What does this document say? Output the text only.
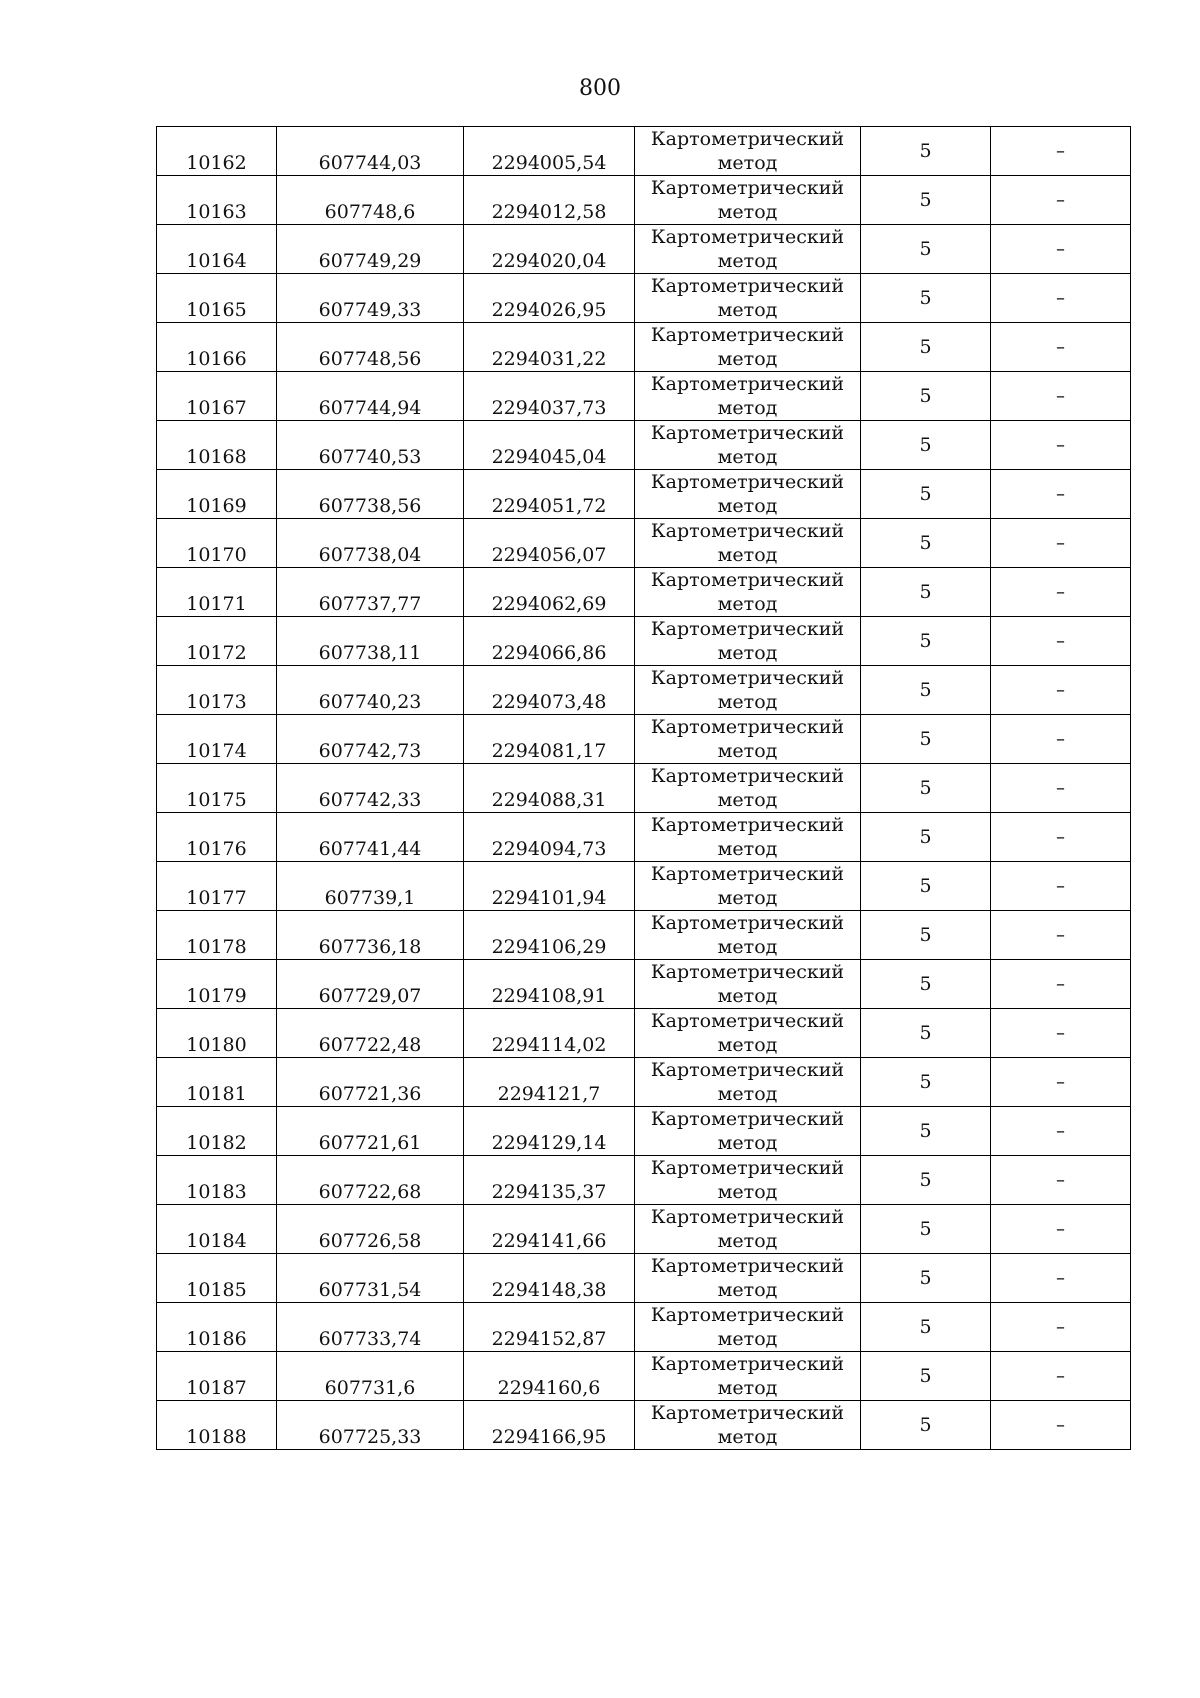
800
10162	607744,03	2294005,54	Картометрический метод	5	–
10163	607748,6	2294012,58	Картометрический метод	5	–
10164	607749,29	2294020,04	Картометрический метод	5	–
10165	607749,33	2294026,95	Картометрический метод	5	–
10166	607748,56	2294031,22	Картометрический метод	5	–
10167	607744,94	2294037,73	Картометрический метод	5	–
10168	607740,53	2294045,04	Картометрический метод	5	–
10169	607738,56	2294051,72	Картометрический метод	5	–
10170	607738,04	2294056,07	Картометрический метод	5	–
10171	607737,77	2294062,69	Картометрический метод	5	–
10172	607738,11	2294066,86	Картометрический метод	5	–
10173	607740,23	2294073,48	Картометрический метод	5	–
10174	607742,73	2294081,17	Картометрический метод	5	–
10175	607742,33	2294088,31	Картометрический метод	5	–
10176	607741,44	2294094,73	Картометрический метод	5	–
10177	607739,1	2294101,94	Картометрический метод	5	–
10178	607736,18	2294106,29	Картометрический метод	5	–
10179	607729,07	2294108,91	Картометрический метод	5	–
10180	607722,48	2294114,02	Картометрический метод	5	–
10181	607721,36	2294121,7	Картометрический метод	5	–
10182	607721,61	2294129,14	Картометрический метод	5	–
10183	607722,68	2294135,37	Картометрический метод	5	–
10184	607726,58	2294141,66	Картометрический метод	5	–
10185	607731,54	2294148,38	Картометрический метод	5	–
10186	607733,74	2294152,87	Картометрический метод	5	–
10187	607731,6	2294160,6	Картометрический метод	5	–
10188	607725,33	2294166,95	Картометрический метод	5	–
